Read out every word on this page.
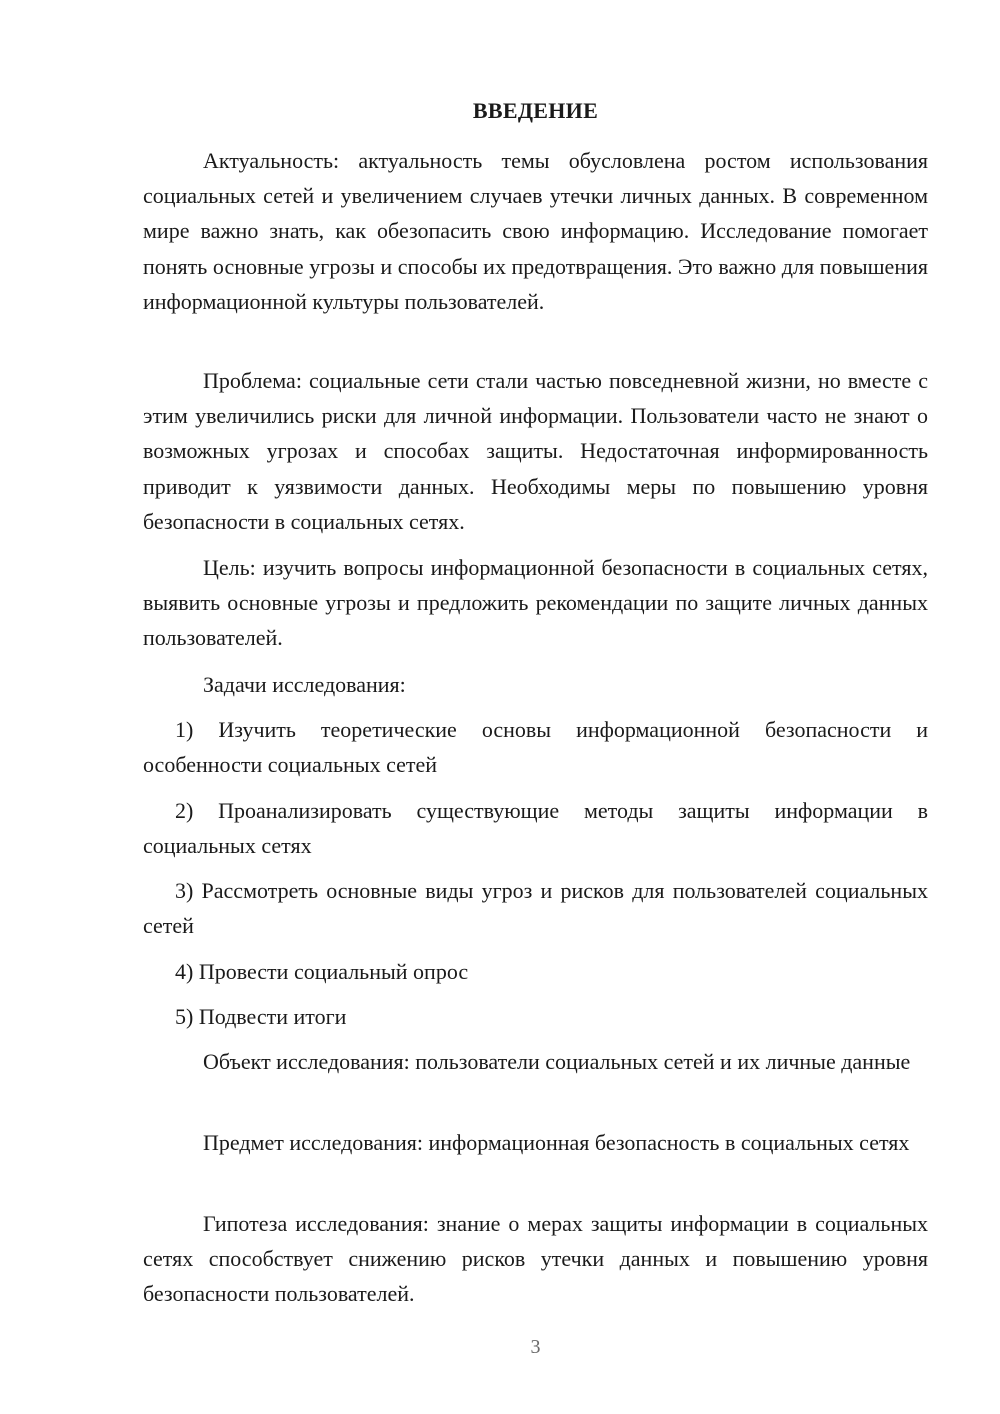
ВВЕДЕНИЕ

Актуальность: актуальность темы обусловлена ростом использования социальных сетей и увеличением случаев утечки личных данных. В современном мире важно знать, как обезопасить свою информацию. Исследование помогает понять основные угрозы и способы их предотвращения. Это важно для повышения информационной культуры пользователей.

Проблема: социальные сети стали частью повседневной жизни, но вместе с этим увеличились риски для личной информации. Пользователи часто не знают о возможных угрозах и способах защиты. Недостаточная информированность приводит к уязвимости данных. Необходимы меры по повышению уровня безопасности в социальных сетях.

Цель: изучить вопросы информационной безопасности в социальных сетях, выявить основные угрозы и предложить рекомендации по защите личных данных пользователей.

Задачи исследования:

1) Изучить теоретические основы информационной безопасности и особенности социальных сетей

2) Проанализировать существующие методы защиты информации в социальных сетях

3) Рассмотреть основные виды угроз и рисков для пользователей социальных сетей

4) Провести социальный опрос

5) Подвести итоги

Объект исследования: пользователи социальных сетей и их личные данные

Предмет исследования: информационная безопасность в социальных сетях

Гипотеза исследования: знание о мерах защиты информации в социальных сетях способствует снижению рисков утечки данных и повышению уровня безопасности пользователей.

3
